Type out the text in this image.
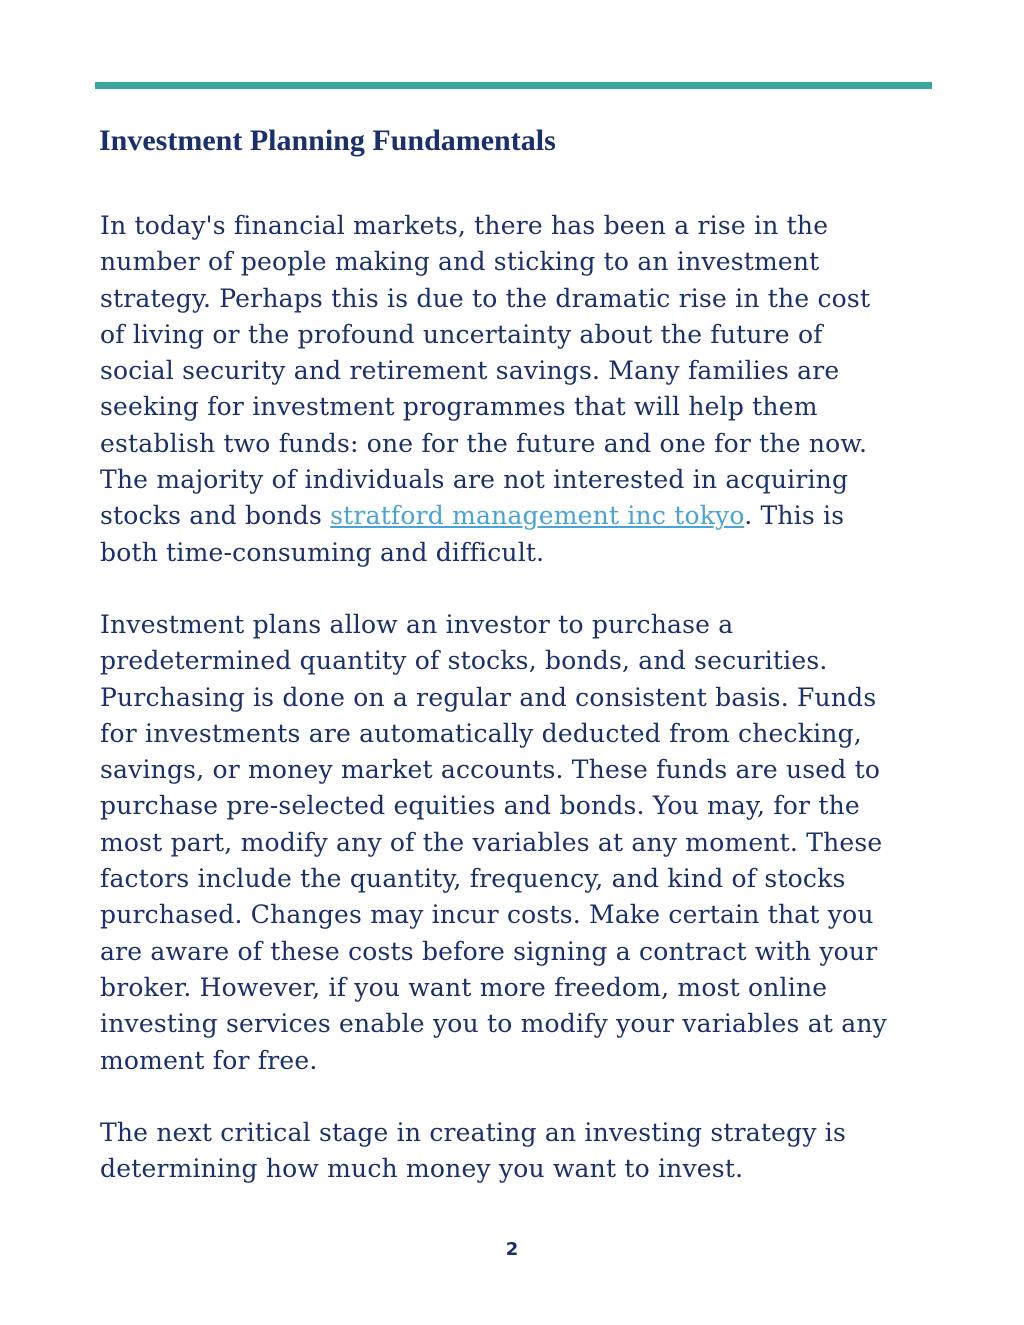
Investment Planning Fundamentals
In today's financial markets, there has been a rise in the
number of people making and sticking to an investment
strategy. Perhaps this is due to the dramatic rise in the cost
of living or the profound uncertainty about the future of
social security and retirement savings. Many families are
seeking for investment programmes that will help them
establish two funds: one for the future and one for the now.
The majority of individuals are not interested in acquiring
stocks and bonds stratford management inc tokyo. This is
both time-consuming and difficult.
Investment plans allow an investor to purchase a
predetermined quantity of stocks, bonds, and securities.
Purchasing is done on a regular and consistent basis. Funds
for investments are automatically deducted from checking,
savings, or money market accounts. These funds are used to
purchase pre-selected equities and bonds. You may, for the
most part, modify any of the variables at any moment. These
factors include the quantity, frequency, and kind of stocks
purchased. Changes may incur costs. Make certain that you
are aware of these costs before signing a contract with your
broker. However, if you want more freedom, most online
investing services enable you to modify your variables at any
moment for free.
The next critical stage in creating an investing strategy is
determining how much money you want to invest.
2
